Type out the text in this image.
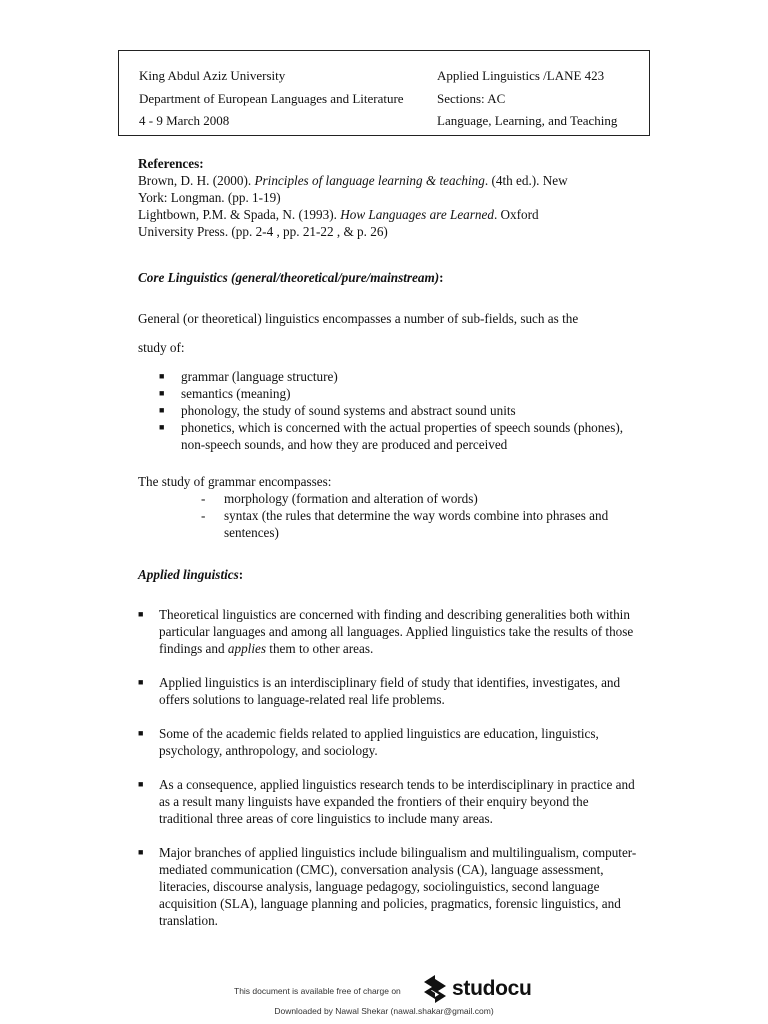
King Abdul Aziz University
Department of European Languages and Literature
4 - 9 March 2008
Applied Linguistics /LANE 423
Sections: AC
Language, Learning, and Teaching
References:
Brown, D. H. (2000). Principles of language learning & teaching. (4th ed.). New
York: Longman. (pp. 1-19)
Lightbown, P.M. & Spada, N. (1993). How Languages are Learned. Oxford
University Press. (pp. 2-4 , pp. 21-22 , & p. 26)
Core Linguistics (general/theoretical/pure/mainstream):
General (or theoretical) linguistics encompasses a number of sub-fields, such as the
study of:
■ grammar (language structure)
■ semantics (meaning)
■ phonology, the study of sound systems and abstract sound units
■ phonetics, which is concerned with the actual properties of speech sounds (phones), non-speech sounds, and how they are produced and perceived
The study of grammar encompasses:
- morphology (formation and alteration of words)
- syntax (the rules that determine the way words combine into phrases and sentences)
Applied linguistics:
■ Theoretical linguistics are concerned with finding and describing generalities both within particular languages and among all languages. Applied linguistics take the results of those findings and applies them to other areas.
■ Applied linguistics is an interdisciplinary field of study that identifies, investigates, and offers solutions to language-related real life problems.
■ Some of the academic fields related to applied linguistics are education, linguistics, psychology, anthropology, and sociology.
■ As a consequence, applied linguistics research tends to be interdisciplinary in practice and as a result many linguists have expanded the frontiers of their enquiry beyond the traditional three areas of core linguistics to include many areas.
■ Major branches of applied linguistics include bilingualism and multilingualism, computer-mediated communication (CMC), conversation analysis (CA), language assessment, literacies, discourse analysis, language pedagogy, sociolinguistics, second language acquisition (SLA), language planning and policies, pragmatics, forensic linguistics, and translation.
This document is available free of charge on studocu
Downloaded by Nawal Shekar (nawal.shakar@gmail.com)
